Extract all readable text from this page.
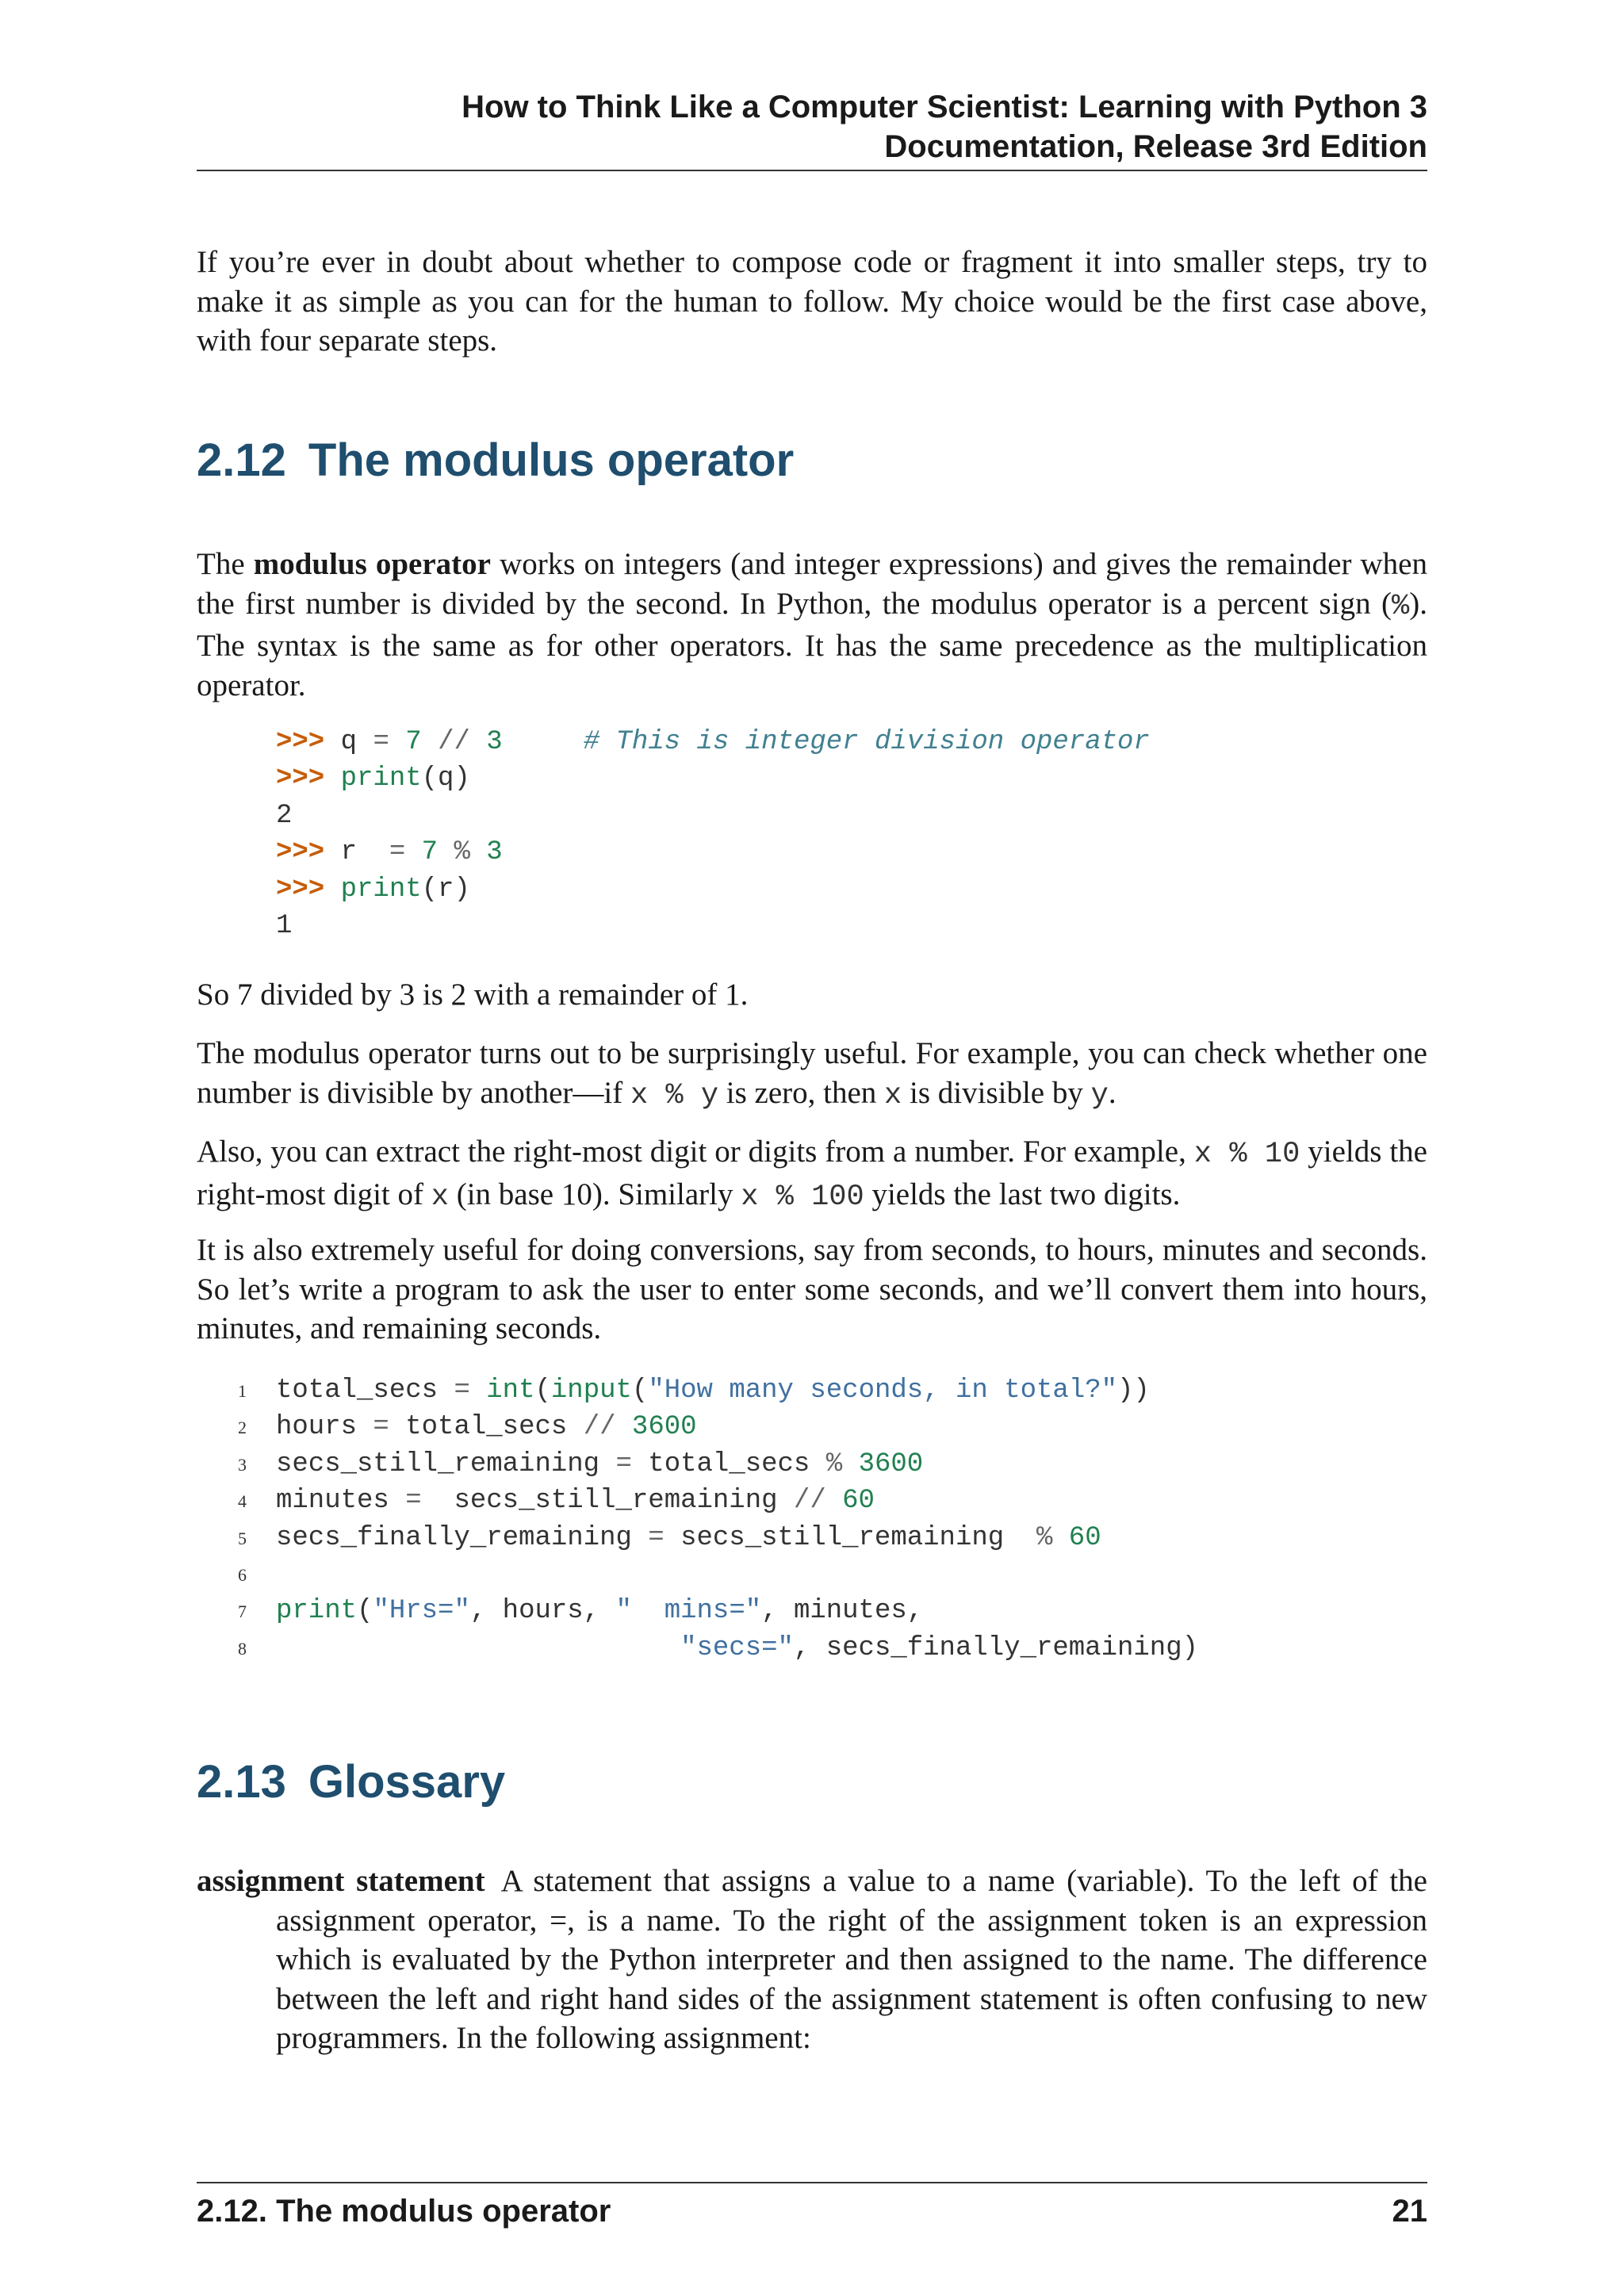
How to Think Like a Computer Scientist: Learning with Python 3
Documentation, Release 3rd Edition

If you’re ever in doubt about whether to compose code or fragment it into smaller steps, try to make it as simple as you can for the human to follow. My choice would be the first case above, with four separate steps.

2.12 The modulus operator

The modulus operator works on integers (and integer expressions) and gives the remainder when the first number is divided by the second. In Python, the modulus operator is a percent sign (%). The syntax is the same as for other operators. It has the same precedence as the multiplication operator.

>>> q = 7 // 3	# This is integer division operator
>>> print(q)
2
>>> r = 7 % 3
>>> print(r)
1

So 7 divided by 3 is 2 with a remainder of 1.

The modulus operator turns out to be surprisingly useful. For example, you can check whether one number is divisible by another—if x % y is zero, then x is divisible by y.

Also, you can extract the right-most digit or digits from a number. For example, x % 10 yields the right-most digit of x (in base 10). Similarly x % 100 yields the last two digits.

It is also extremely useful for doing conversions, say from seconds, to hours, minutes and seconds. So let’s write a program to ask the user to enter some seconds, and we’ll convert them into hours, minutes, and remaining seconds.

1 total_secs = int(input("How many seconds, in total?"))
2 hours = total_secs // 3600
3 secs_still_remaining = total_secs % 3600
4 minutes =  secs_still_remaining // 60
5 secs_finally_remaining = secs_still_remaining  % 60
6
7 print("Hrs=", hours, "  mins=", minutes,
8	"secs=", secs_finally_remaining)
2.13 Glossary
assignment statement A statement that assigns a value to a name (variable). To the left of the assignment operator, =, is a name. To the right of the assignment token is an expression which is evaluated by the Python interpreter and then assigned to the name. The difference between the left and right hand sides of the assignment statement is often confusing to new programmers. In the following assignment:
2.12. The modulus operator	21
